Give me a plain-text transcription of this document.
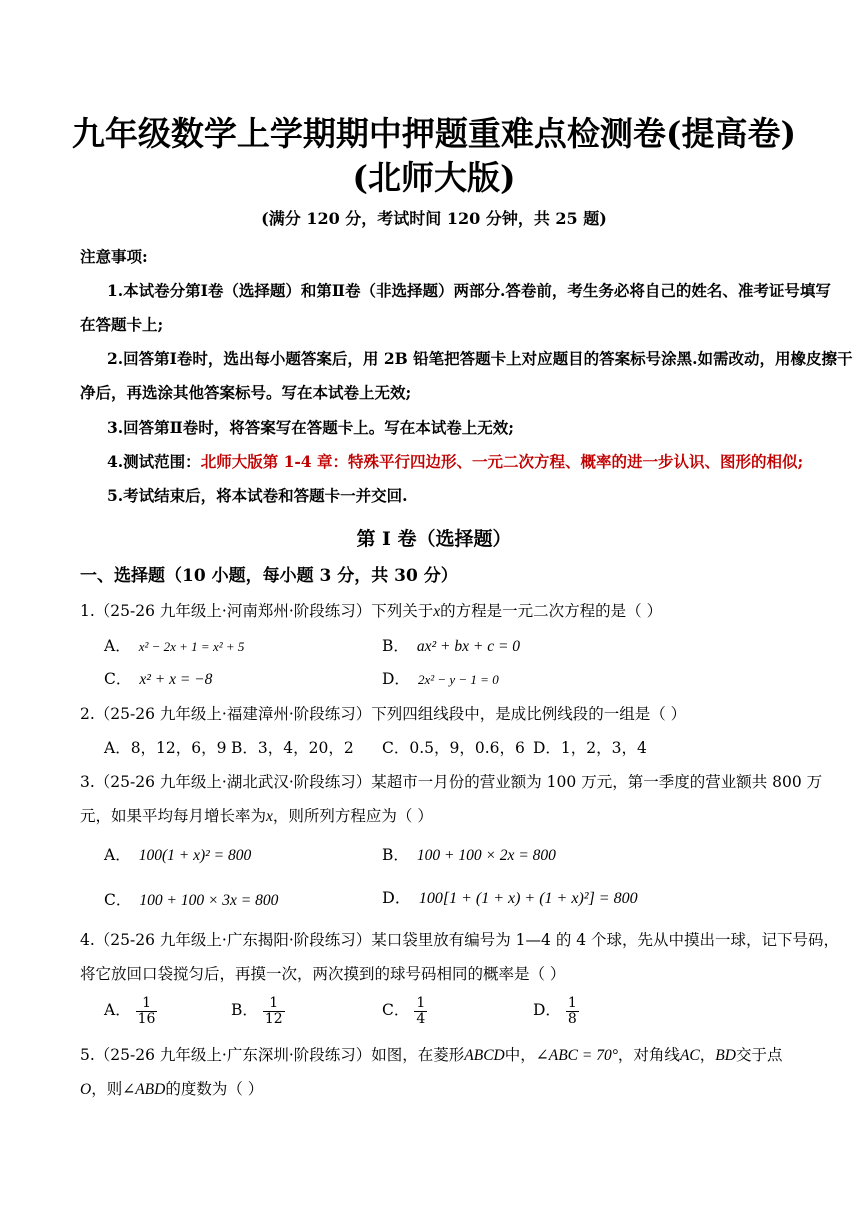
九年级数学上学期期中押题重难点检测卷(提高卷)
(北师大版)
(满分 120 分，考试时间 120 分钟，共 25 题)
注意事项:
1.本试卷分第Ⅰ卷（选择题）和第Ⅱ卷（非选择题）两部分.答卷前，考生务必将自己的姓名、准考证号填写
在答题卡上;
2.回答第Ⅰ卷时，选出每小题答案后，用 2B 铅笔把答题卡上对应题目的答案标号涂黑.如需改动，用橡皮擦干
净后，再选涂其他答案标号。写在本试卷上无效;
3.回答第Ⅱ卷时，将答案写在答题卡上。写在本试卷上无效;
4.测试范围：北师大版第 1-4 章：特殊平行四边形、一元二次方程、概率的进一步认识、图形的相似;
5.考试结束后，将本试卷和答题卡一并交回.
第 I 卷（选择题）
一、选择题（10 小题，每小题 3 分，共 30 分）
1.（25-26 九年级上·河南郑州·阶段练习）下列关于x的方程是一元二次方程的是（ ）
A． x² − 2x + 1 = x² + 5	B． ax² + bx + c = 0
C． x² + x = −8	D． 2x² − y − 1 = 0
2.（25-26 九年级上·福建漳州·阶段练习）下列四组线段中，是成比例线段的一组是（ ）
A．8，12，6，9 B．3，4，20，2 C．0.5，9，0.6，6 D．1，2，3，4
3.（25-26 九年级上·湖北武汉·阶段练习）某超市一月份的营业额为 100 万元，第一季度的营业额共 800 万
元，如果平均每月增长率为x，则所列方程应为（ ）
A． 100(1 + x)² = 800	B． 100 + 100 × 2x = 800
C． 100 + 100 × 3x = 800	D． 100[1 + (1 + x) + (1 + x)²] = 800
4.（25-26 九年级上·广东揭阳·阶段练习）某口袋里放有编号为 1—4 的 4 个球，先从中摸出一球，记下号码，
将它放回口袋搅匀后，再摸一次，两次摸到的球号码相同的概率是（ ）
A． $\frac{1}{16}$	B． $\frac{1}{12}$	C． $\frac{1}{4}$	D． $\frac{1}{8}$
5.（25-26 九年级上·广东深圳·阶段练习）如图，在菱形ABCD中，∠ABC = 70°，对角线AC，BD交于点
O，则∠ABD的度数为（ ）
